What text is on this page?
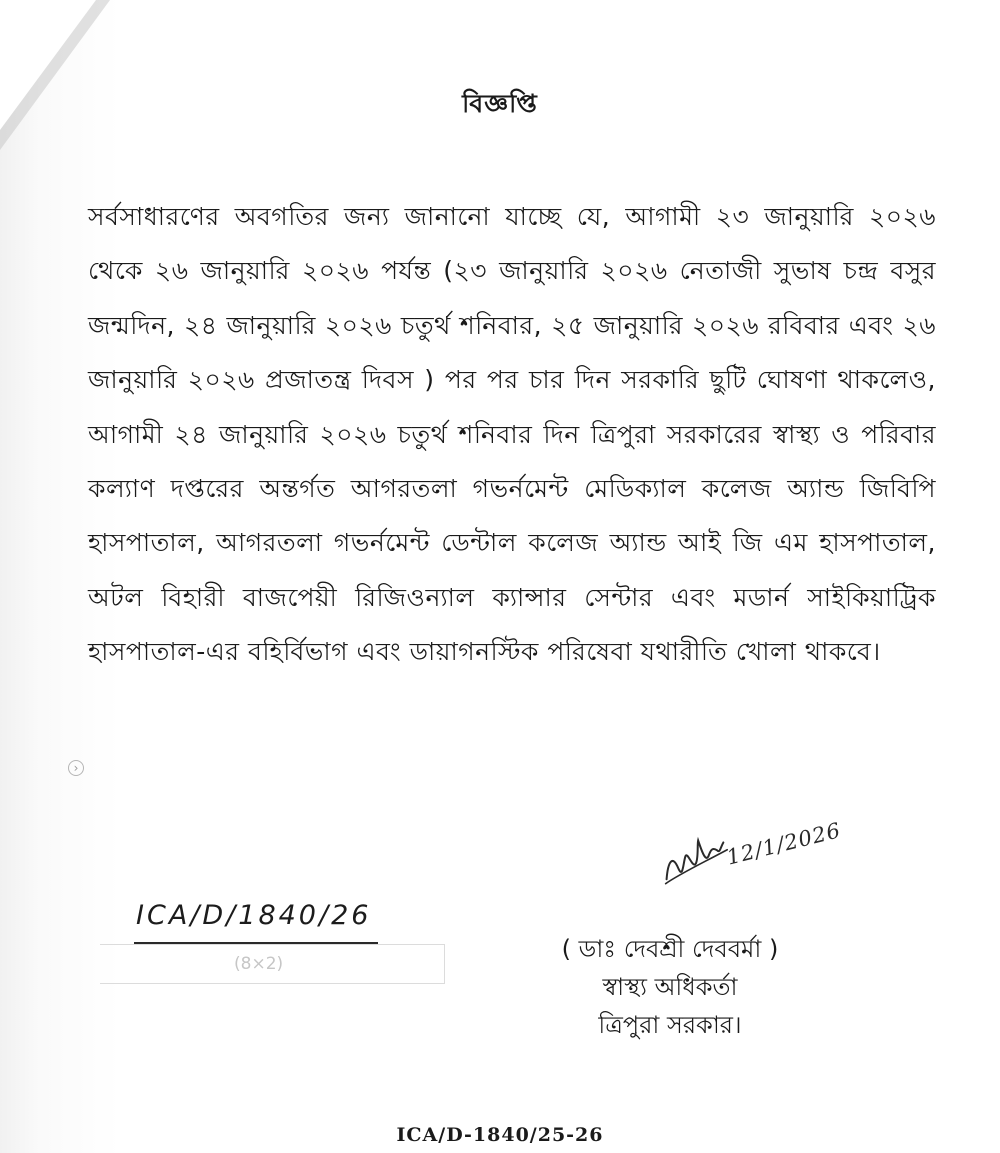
বিজ্ঞপ্তি
সর্বসাধারণের অবগতির জন্য জানানো যাচ্ছে যে, আগামী ২৩ জানুয়ারি ২০২৬ থেকে ২৬ জানুয়ারি ২০২৬ পর্যন্ত (২৩ জানুয়ারি ২০২৬ নেতাজী সুভাষ চন্দ্র বসুর জন্মদিন, ২৪ জানুয়ারি ২০২৬ চতুর্থ শনিবার, ২৫ জানুয়ারি ২০২৬ রবিবার এবং ২৬ জানুয়ারি ২০২৬ প্রজাতন্ত্র দিবস ) পর পর চার দিন সরকারি ছুটি ঘোষণা থাকলেও, আগামী ২৪ জানুয়ারি ২০২৬ চতুর্থ শনিবার দিন ত্রিপুরা সরকারের স্বাস্থ্য ও পরিবার কল্যাণ দপ্তরের অন্তর্গত আগরতলা গভর্নমেন্ট মেডিক্যাল কলেজ অ্যান্ড জিবিপি হাসপাতাল, আগরতলা গভর্নমেন্ট ডেন্টাল কলেজ অ্যান্ড আই জি এম হাসপাতাল, অটল বিহারী বাজপেয়ী রিজিওন্যাল ক্যান্সার সেন্টার এবং মডার্ন সাইকিয়াট্রিক হাসপাতাল-এর বহির্বিভাগ এবং ডায়াগনস্টিক পরিষেবা যথারীতি খোলা থাকবে।
›
12/1/2026
ICA/D/1840/26
(8×2)
( ডাঃ দেবশ্রী দেববর্মা )
স্বাস্থ্য অধিকর্তা
ত্রিপুরা সরকার।
ICA/D-1840/25-26
